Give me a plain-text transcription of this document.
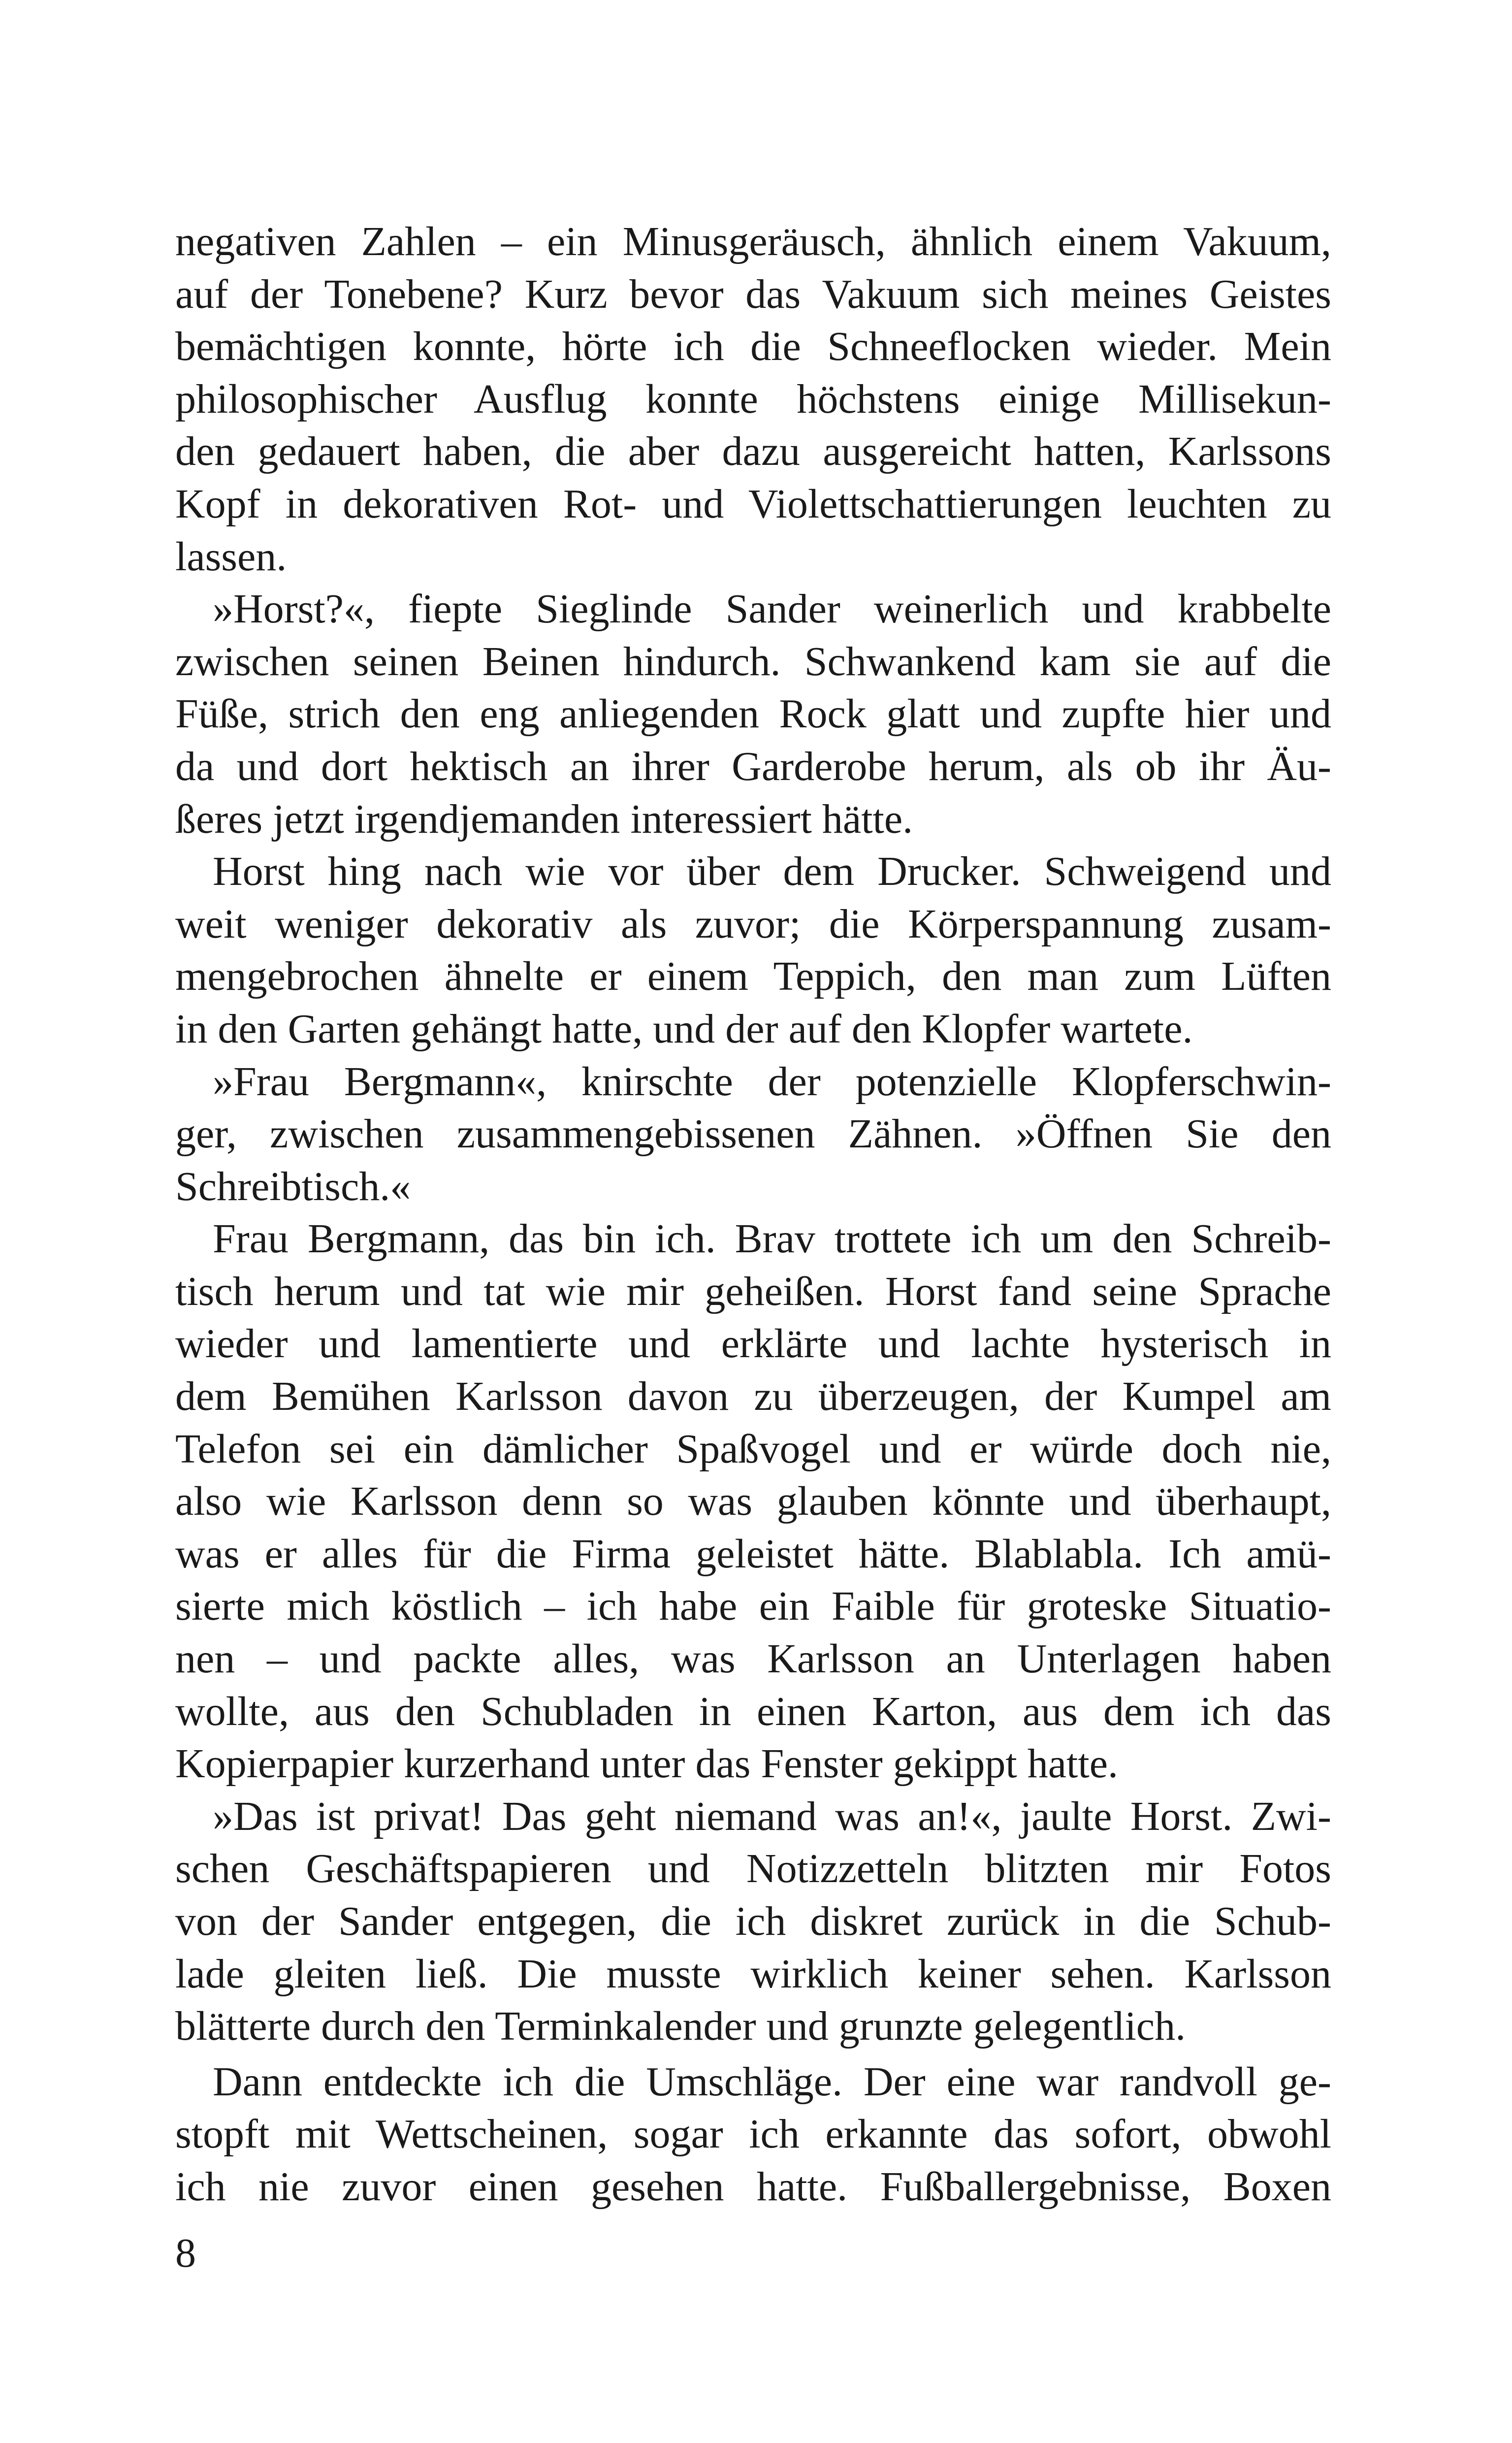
negativen Zahlen – ein Minusgeräusch, ähnlich einem Vakuum,
auf der Tonebene? Kurz bevor das Vakuum sich meines Geistes
bemächtigen konnte, hörte ich die Schneeflocken wieder. Mein
philosophischer Ausflug konnte höchstens einige Millisekun-
den gedauert haben, die aber dazu ausgereicht hatten, Karlssons
Kopf in dekorativen Rot- und Violettschattierungen leuchten zu
lassen.
»Horst?«, fiepte Sieglinde Sander weinerlich und krabbelte
zwischen seinen Beinen hindurch. Schwankend kam sie auf die
Füße, strich den eng anliegenden Rock glatt und zupfte hier und
da und dort hektisch an ihrer Garderobe herum, als ob ihr Äu-
ßeres jetzt irgendjemanden interessiert hätte.
Horst hing nach wie vor über dem Drucker. Schweigend und
weit weniger dekorativ als zuvor; die Körperspannung zusam-
mengebrochen ähnelte er einem Teppich, den man zum Lüften
in den Garten gehängt hatte, und der auf den Klopfer wartete.
»Frau Bergmann«, knirschte der potenzielle Klopferschwin-
ger, zwischen zusammengebissenen Zähnen. »Öffnen Sie den
Schreibtisch.«
Frau Bergmann, das bin ich. Brav trottete ich um den Schreib-
tisch herum und tat wie mir geheißen. Horst fand seine Sprache
wieder und lamentierte und erklärte und lachte hysterisch in
dem Bemühen Karlsson davon zu überzeugen, der Kumpel am
Telefon sei ein dämlicher Spaßvogel und er würde doch nie,
also wie Karlsson denn so was glauben könnte und überhaupt,
was er alles für die Firma geleistet hätte. Blablabla. Ich amü-
sierte mich köstlich – ich habe ein Faible für groteske Situatio-
nen – und packte alles, was Karlsson an Unterlagen haben
wollte, aus den Schubladen in einen Karton, aus dem ich das
Kopierpapier kurzerhand unter das Fenster gekippt hatte.
»Das ist privat! Das geht niemand was an!«, jaulte Horst. Zwi-
schen Geschäftspapieren und Notizzetteln blitzten mir Fotos
von der Sander entgegen, die ich diskret zurück in die Schub-
lade gleiten ließ. Die musste wirklich keiner sehen. Karlsson
blätterte durch den Terminkalender und grunzte gelegentlich.
Dann entdeckte ich die Umschläge. Der eine war randvoll ge-
stopft mit Wettscheinen, sogar ich erkannte das sofort, obwohl
ich nie zuvor einen gesehen hatte. Fußballergebnisse, Boxen
8
